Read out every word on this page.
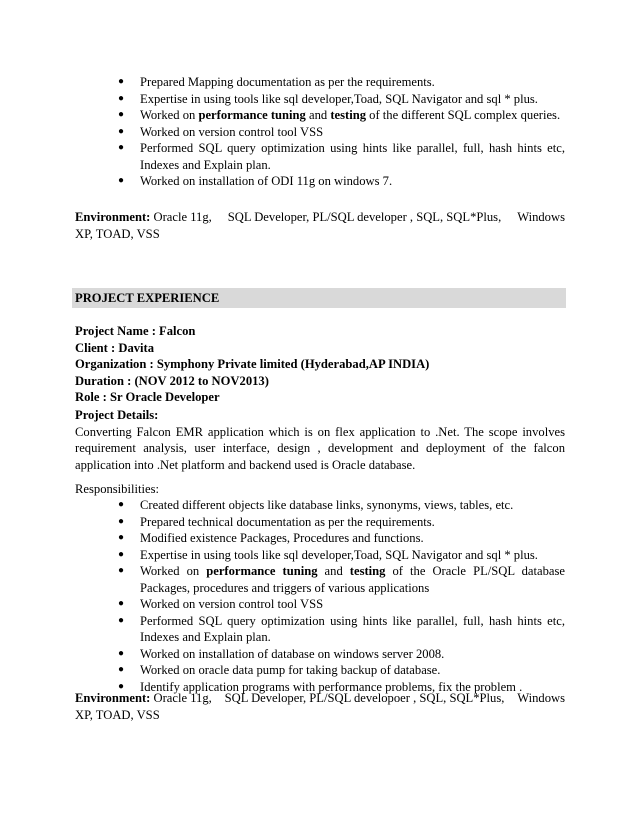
●	Prepared Mapping documentation as per the requirements.
●	Expertise in using tools like sql developer,Toad, SQL Navigator and sql * plus.
●	Worked on performance tuning and testing of the different SQL complex queries.
●	Worked on version control tool VSS
●	Performed SQL query optimization using hints like parallel, full, hash hints etc, Indexes and Explain plan.
●	Worked on installation of ODI 11g on windows 7.
Environment: Oracle 11g, SQL Developer, PL/SQL developer , SQL, SQL*Plus, Windows
XP, TOAD, VSS
PROJECT EXPERIENCE
Project Name : Falcon
Client : Davita
Organization : Symphony Private limited (Hyderabad,AP INDIA)
Duration : (NOV 2012 to NOV2013)
Role : Sr Oracle Developer
Project Details:
Converting Falcon EMR application which is on flex application to .Net. The scope involves requirement analysis, user interface, design , development and deployment of the falcon application into .Net platform and backend used is Oracle database.
Responsibilities:
●	Created different objects like database links, synonyms, views, tables, etc.
●	Prepared technical documentation as per the requirements.
●	Modified existence Packages, Procedures and functions.
●	Expertise in using tools like sql developer,Toad, SQL Navigator and sql * plus.
●	Worked on performance tuning and testing of the Oracle PL/SQL database Packages, procedures and triggers of various applications
●	Worked on version control tool VSS
●	Performed SQL query optimization using hints like parallel, full, hash hints etc, Indexes and Explain plan.
●	Worked on installation of database on windows server 2008.
●	Worked on oracle data pump for taking backup of database.
●	Identify application programs with performance problems, fix the problem .
Environment: Oracle 11g, SQL Developer, PL/SQL developoer , SQL, SQL*Plus, Windows
XP, TOAD, VSS
